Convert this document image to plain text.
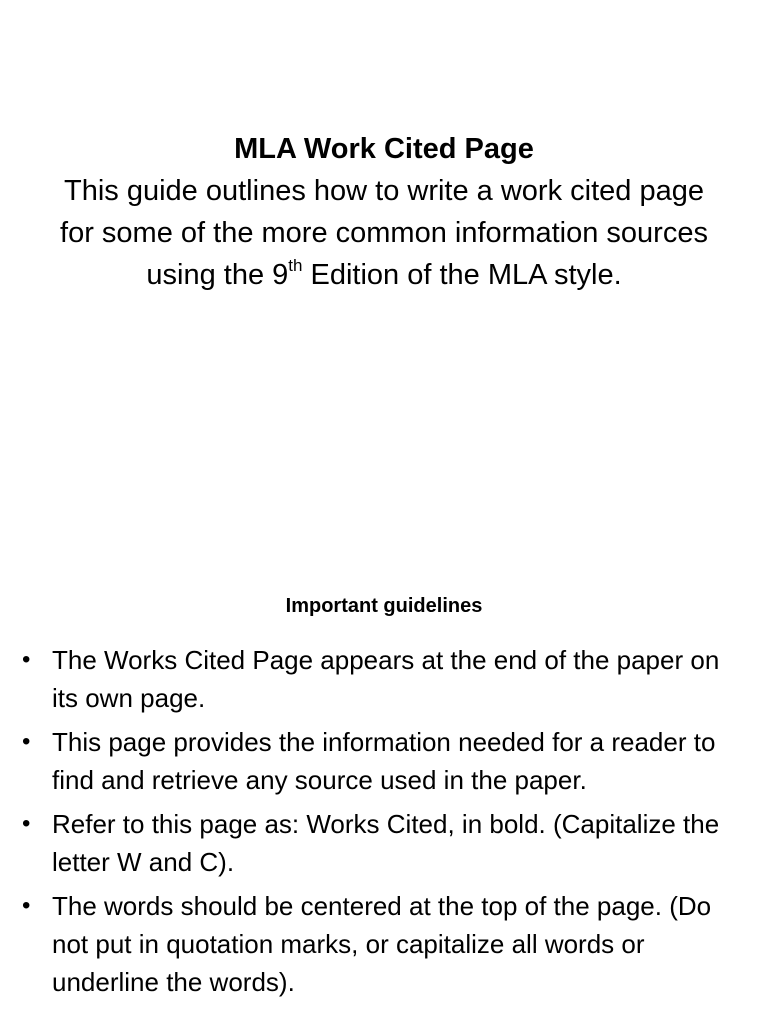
MLA Work Cited Page
This guide outlines how to write a work cited page for some of the more common information sources using the 9th Edition of the MLA style.
Important guidelines
• The Works Cited Page appears at the end of the paper on its own page.
• This page provides the information needed for a reader to find and retrieve any source used in the paper.
• Refer to this page as: Works Cited, in bold. (Capitalize the letter W and C).
• The words should be centered at the top of the page. (Do not put in quotation marks, or capitalize all words or underline the words).
